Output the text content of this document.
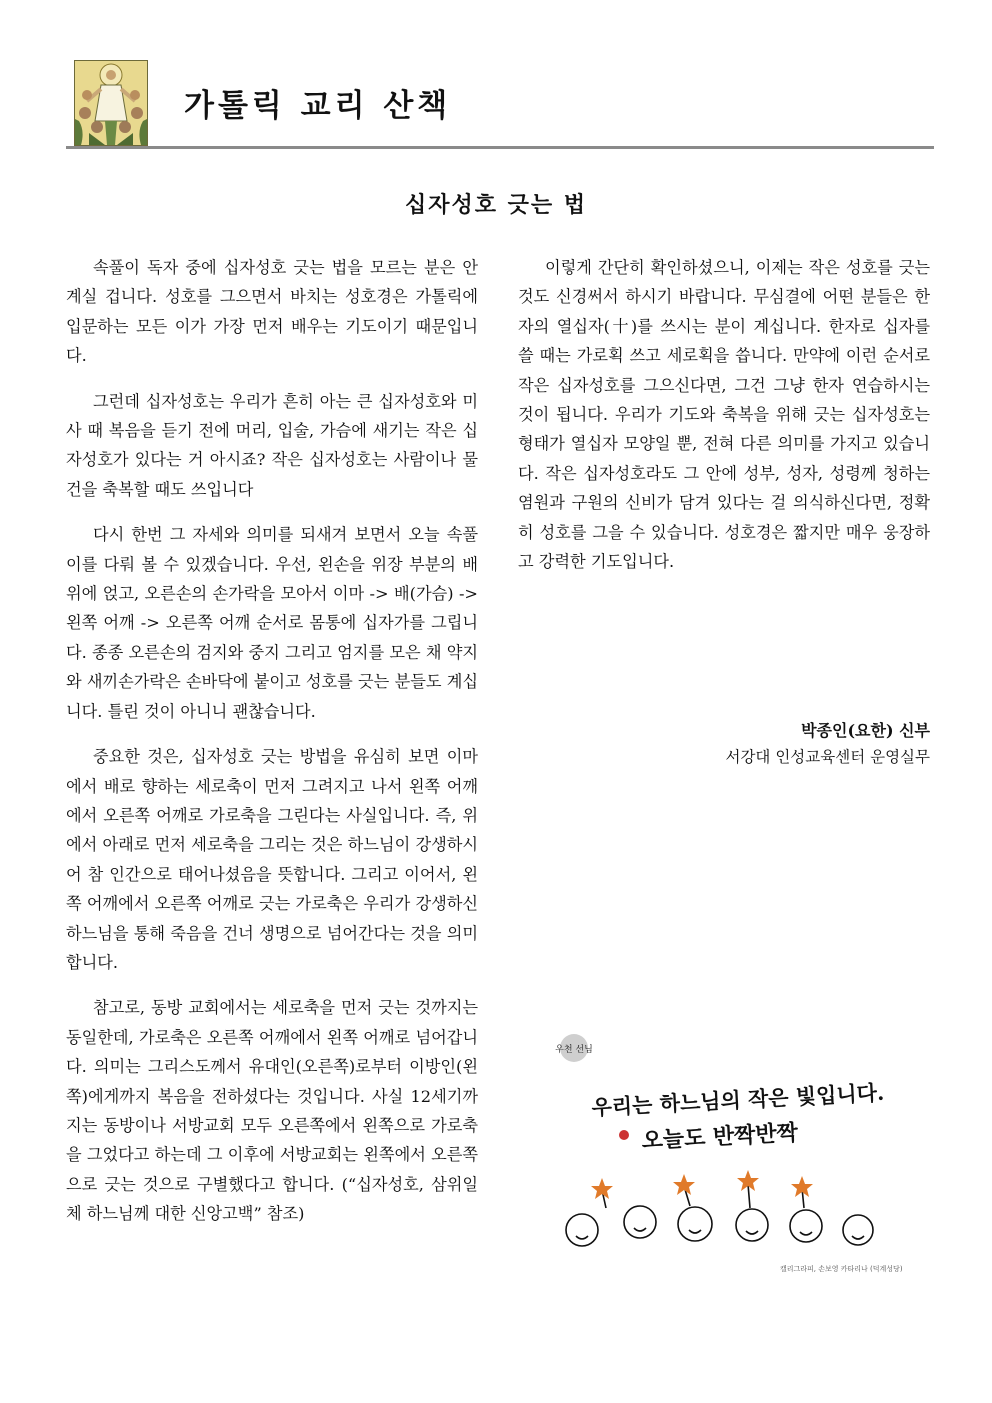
가톨릭 교리 산책
십자성호 긋는 법

속풀이 독자 중에 십자성호 긋는 법을 모르는 분은 안 계실 겁니다. 성호를 그으면서 바치는 성호경은 가톨릭에 입문하는 모든 이가 가장 먼저 배우는 기도이기 때문입니다.

그런데 십자성호는 우리가 흔히 아는 큰 십자성호와 미사 때 복음을 듣기 전에 머리, 입술, 가슴에 새기는 작은 십자성호가 있다는 거 아시죠? 작은 십자성호는 사람이나 물건을 축복할 때도 쓰입니다

다시 한번 그 자세와 의미를 되새겨 보면서 오늘 속풀이를 다뤄 볼 수 있겠습니다. 우선, 왼손을 위장 부분의 배 위에 얹고, 오른손의 손가락을 모아서 이마 -> 배(가슴) -> 왼쪽 어깨 -> 오른쪽 어깨 순서로 몸통에 십자가를 그립니다. 종종 오른손의 검지와 중지 그리고 엄지를 모은 채 약지와 새끼손가락은 손바닥에 붙이고 성호를 긋는 분들도 계십니다. 틀린 것이 아니니 괜찮습니다.

중요한 것은, 십자성호 긋는 방법을 유심히 보면 이마에서 배로 향하는 세로축이 먼저 그려지고 나서 왼쪽 어깨에서 오른쪽 어깨로 가로축을 그린다는 사실입니다. 즉, 위에서 아래로 먼저 세로축을 그리는 것은 하느님이 강생하시어 참 인간으로 태어나셨음을 뜻합니다. 그리고 이어서, 왼쪽 어깨에서 오른쪽 어깨로 긋는 가로축은 우리가 강생하신 하느님을 통해 죽음을 건너 생명으로 넘어간다는 것을 의미합니다.

참고로, 동방 교회에서는 세로축을 먼저 긋는 것까지는 동일한데, 가로축은 오른쪽 어깨에서 왼쪽 어깨로 넘어갑니다. 의미는 그리스도께서 유대인(오른쪽)로부터 이방인(왼쪽)에게까지 복음을 전하셨다는 것입니다. 사실 12세기까지는 동방이나 서방교회 모두 오른쪽에서 왼쪽으로 가로축을 그었다고 하는데 그 이후에 서방교회는 왼쪽에서 오른쪽으로 긋는 것으로 구별했다고 합니다. (“십자성호, 삼위일체 하느님께 대한 신앙고백” 참조)

이렇게 간단히 확인하셨으니, 이제는 작은 성호를 긋는 것도 신경써서 하시기 바랍니다. 무심결에 어떤 분들은 한자의 열십자(十)를 쓰시는 분이 계십니다. 한자로 십자를 쓸 때는 가로획 쓰고 세로획을 씁니다. 만약에 이런 순서로 작은 십자성호를 그으신다면, 그건 그냥 한자 연습하시는 것이 됩니다. 우리가 기도와 축복을 위해 긋는 십자성호는 형태가 열십자 모양일 뿐, 전혀 다른 의미를 가지고 있습니다. 작은 십자성호라도 그 안에 성부, 성자, 성령께 청하는 염원과 구원의 신비가 담겨 있다는 걸 의식하신다면, 정확히 성호를 그을 수 있습니다. 성호경은 짧지만 매우 웅장하고 강력한 기도입니다.

박종인(요한) 신부
서강대 인성교육센터 운영실무
우천 선님
우리는 하느님의 작은 빛입니다.
오늘도 반짝반짝
캘리그라피, 손보영 카타리나 (덕계성당)
